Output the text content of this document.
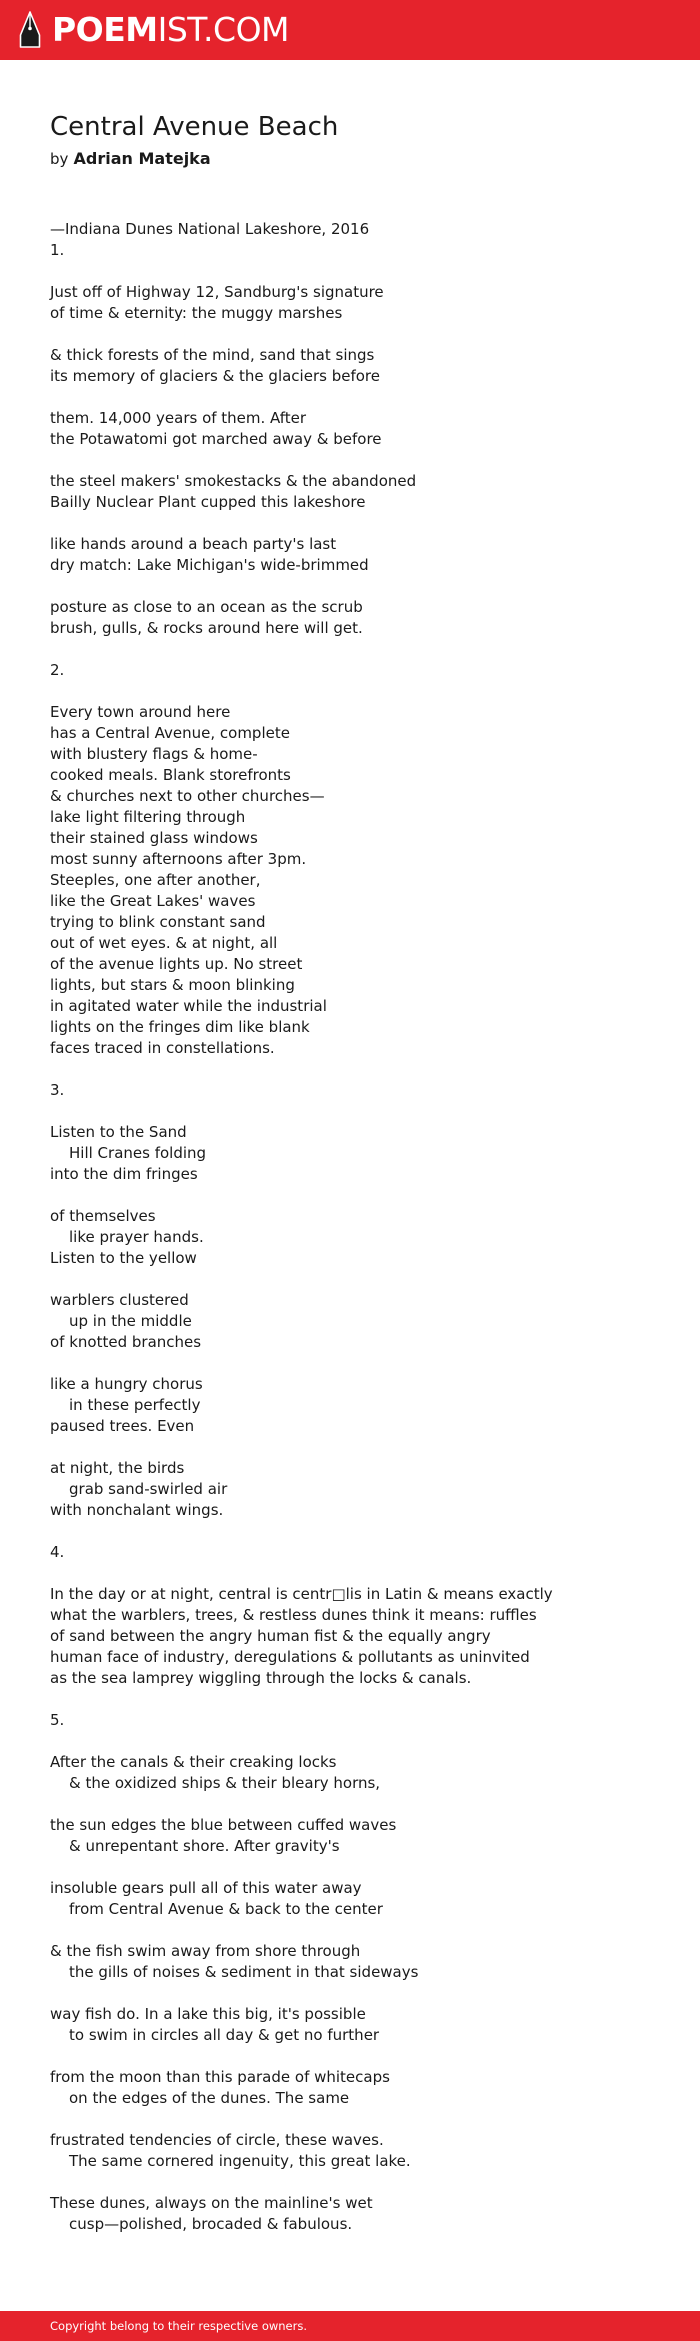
POEMIST.COM
Central Avenue Beach
by Adrian Matejka
—Indiana Dunes National Lakeshore, 2016
1.
Just off of Highway 12, Sandburg's signature
of time & eternity: the muggy marshes
& thick forests of the mind, sand that sings
its memory of glaciers & the glaciers before
them. 14,000 years of them. After
the Potawatomi got marched away & before
the steel makers' smokestacks & the abandoned
Bailly Nuclear Plant cupped this lakeshore
like hands around a beach party's last
dry match: Lake Michigan's wide-brimmed
posture as close to an ocean as the scrub
brush, gulls, & rocks around here will get.
2.
Every town around here
has a Central Avenue, complete
with blustery flags & home-
cooked meals. Blank storefronts
& churches next to other churches—
lake light filtering through
their stained glass windows
most sunny afternoons after 3pm.
Steeples, one after another,
like the Great Lakes' waves
trying to blink constant sand
out of wet eyes. & at night, all
of the avenue lights up. No street
lights, but stars & moon blinking
in agitated water while the industrial
lights on the fringes dim like blank
faces traced in constellations.
3.
Listen to the Sand
Hill Cranes folding
into the dim fringes
of themselves
like prayer hands.
Listen to the yellow
warblers clustered
up in the middle
of knotted branches
like a hungry chorus
in these perfectly
paused trees. Even
at night, the birds
grab sand-swirled air
with nonchalant wings.
4.
In the day or at night, central is centr□lis in Latin & means exactly
what the warblers, trees, & restless dunes think it means: ruffles
of sand between the angry human fist & the equally angry
human face of industry, deregulations & pollutants as uninvited
as the sea lamprey wiggling through the locks & canals.
5.
After the canals & their creaking locks
& the oxidized ships & their bleary horns,
the sun edges the blue between cuffed waves
& unrepentant shore. After gravity's
insoluble gears pull all of this water away
from Central Avenue & back to the center
& the fish swim away from shore through
the gills of noises & sediment in that sideways
way fish do. In a lake this big, it's possible
to swim in circles all day & get no further
from the moon than this parade of whitecaps
on the edges of the dunes. The same
frustrated tendencies of circle, these waves.
The same cornered ingenuity, this great lake.
These dunes, always on the mainline's wet
cusp—polished, brocaded & fabulous.
Copyright belong to their respective owners.
